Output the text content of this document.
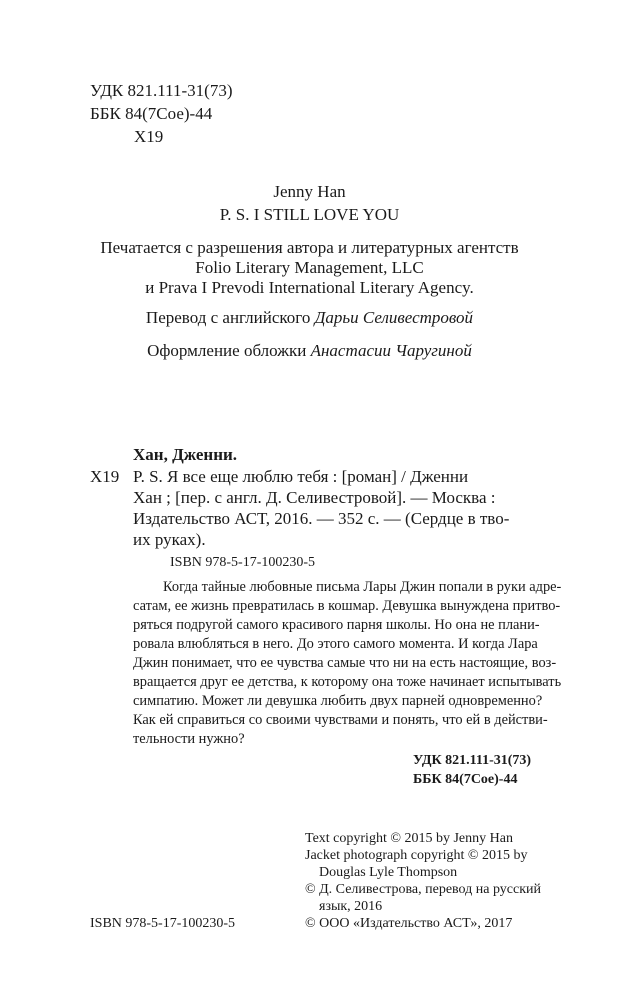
УДК 821.111-31(73)
ББК 84(7Сое)-44
Х19
Jenny Han
P. S. I STILL LOVE YOU
Печатается с разрешения автора и литературных агентств
Folio Literary Management, LLC
и Prava I Prevodi International Literary Agency.
Перевод с английского Дарьи Селивестровой
Оформление обложки Анастасии Чаругиной
Хан, Дженни.
Х19 P. S. Я все еще люблю тебя : [роман] / Дженни

Хан ; [пер. с англ. Д. Селивестровой]. — Москва :

Издательство АСТ, 2016. — 352 с. — (Сердце в тво-

их руках).

ISBN 978-5-17-100230-5

Когда тайные любовные письма Лары Джин попали в руки адре-

сатам, ее жизнь превратилась в кошмар. Девушка вынуждена притво-

ряться подругой самого красивого парня школы. Но она не плани-

ровала влюбляться в него. До этого самого момента. И когда Лара

Джин понимает, что ее чувства самые что ни на есть настоящие, воз-

вращается друг ее детства, к которому она тоже начинает испытывать

симпатию. Может ли девушка любить двух парней одновременно?

Как ей справиться со своими чувствами и понять, что ей в действи-

тельности нужно?

УДК 821.111-31(73)
ББК 84(7Сое)-44

Text copyright © 2015 by Jenny Han

Jacket photograph copyright © 2015 by

Douglas Lyle Thompson

© Д. Селивестрова, перевод на русский

язык, 2016

© ООО «Издательство АСТ», 2017

ISBN 978-5-17-100230-5
